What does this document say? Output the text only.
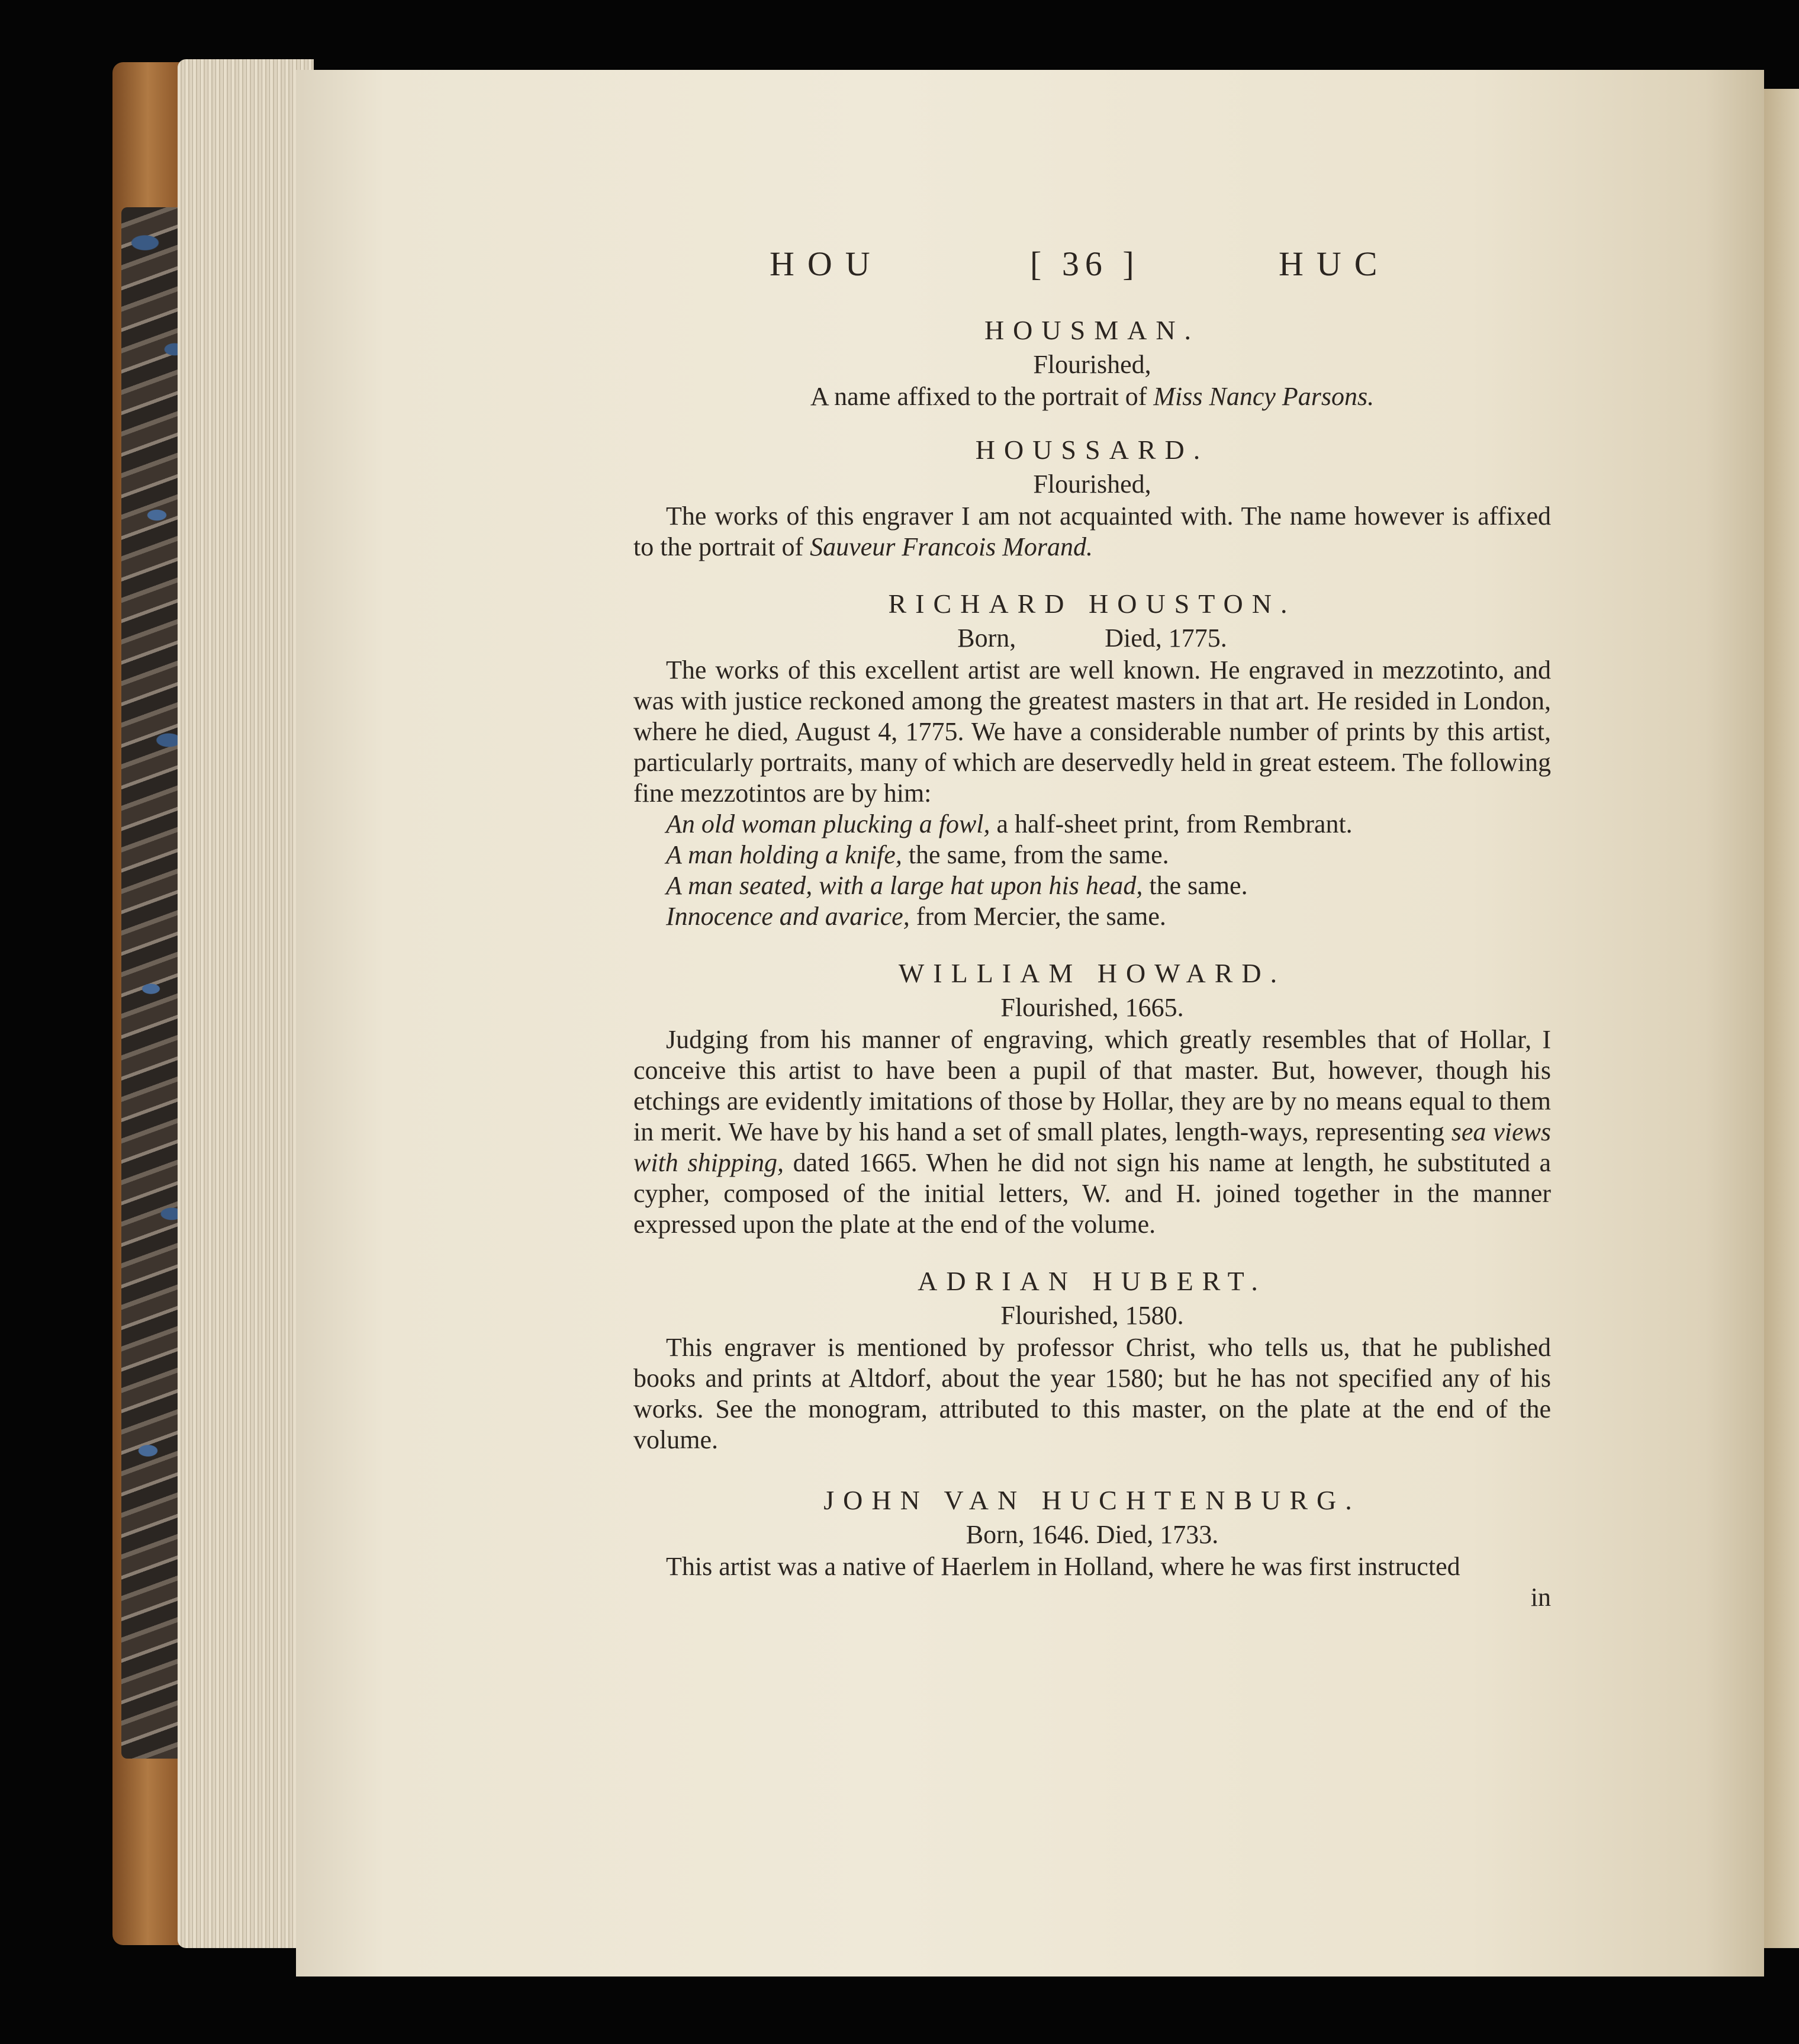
HOU	[ 36 ]	HUC
HOUSMAN.
Flourished,

A name affixed to the portrait of Miss Nancy Parsons.

HOUSSARD.
Flourished,

The works of this engraver I am not acquainted with. The name however is affixed to the portrait of Sauveur Francois Morand.

RICHARD HOUSTON.
Born,	Died, 1775.

The works of this excellent artist are well known. He engraved in mezzotinto, and was with justice reckoned among the greatest masters in that art. He resided in London, where he died, August 4, 1775. We have a considerable number of prints by this artist, particularly portraits, many of which are deservedly held in great esteem. The following fine mezzotintos are by him:

An old woman plucking a fowl, a half-sheet print, from Rembrant.
A man holding a knife, the same, from the same.
A man seated, with a large hat upon his head, the same.
Innocence and avarice, from Mercier, the same.
WILLIAM HOWARD.
Flourished, 1665.

Judging from his manner of engraving, which greatly resembles that of Hollar, I conceive this artist to have been a pupil of that master. But, however, though his etchings are evidently imitations of those by Hollar, they are by no means equal to them in merit. We have by his hand a set of small plates, length-ways, representing sea views with shipping, dated 1665. When he did not sign his name at length, he substituted a cypher, composed of the initial letters, W. and H. joined together in the manner expressed upon the plate at the end of the volume.

ADRIAN HUBERT.
Flourished, 1580.

This engraver is mentioned by professor Christ, who tells us, that he published books and prints at Altdorf, about the year 1580; but he has not specified any of his works. See the monogram, attributed to this master, on the plate at the end of the volume.

JOHN VAN HUCHTENBURG.
Born, 1646. Died, 1733.

This artist was a native of Haerlem in Holland, where he was first instructed

in
